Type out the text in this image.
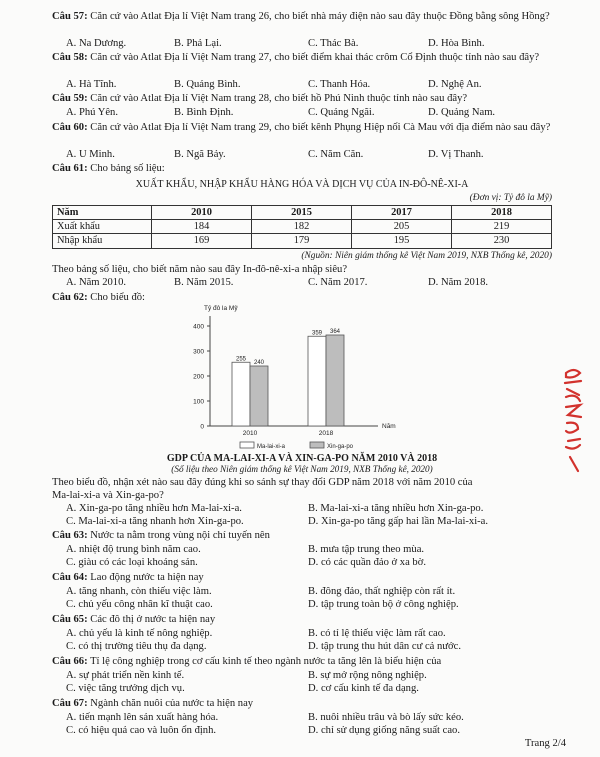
Câu 57: Căn cứ vào Atlat Địa lí Việt Nam trang 26, cho biết nhà máy điện nào sau đây thuộc Đồng bằng sông Hồng?
A. Na Dương.	B. Phả Lại.	C. Thác Bà.	D. Hòa Bình.
Câu 58: Căn cứ vào Atlat Địa lí Việt Nam trang 27, cho biết điểm khai thác crôm Cổ Định thuộc tỉnh nào sau đây?
A. Hà Tĩnh.	B. Quảng Bình.	C. Thanh Hóa.	D. Nghệ An.
Câu 59: Căn cứ vào Atlat Địa lí Việt Nam trang 28, cho biết hồ Phú Ninh thuộc tỉnh nào sau đây?
A. Phú Yên.	B. Bình Định.	C. Quảng Ngãi.	D. Quảng Nam.
Câu 60: Căn cứ vào Atlat Địa lí Việt Nam trang 29, cho biết kênh Phụng Hiệp nối Cà Mau với địa điểm nào sau đây?
A. U Minh.	B. Ngã Bảy.	C. Năm Căn.	D. Vị Thanh.
Câu 61: Cho bảng số liệu:
XUẤT KHẨU, NHẬP KHẨU HÀNG HÓA VÀ DỊCH VỤ CỦA IN-ĐÔ-NÊ-XI-A
(Đơn vị: Tỷ đô la Mỹ)
Năm	2010	2015	2017	2018
Xuất khẩu	184	182	205	219
Nhập khẩu	169	179	195	230
(Nguồn: Niên giám thống kê Việt Nam 2019, NXB Thống kê, 2020)
Theo bảng số liệu, cho biết năm nào sau đây In-đô-nê-xi-a nhập siêu?
A. Năm 2010.	B. Năm 2015.	C. Năm 2017.	D. Năm 2018.
Câu 62: Cho biểu đồ:
Tỷ đô la Mỹ
Năm
0
100
200
300
400
255
240
2010
359 364
2018
Ma-lai-xi-a	Xin-ga-po
GDP CỦA MA-LAI-XI-A VÀ XIN-GA-PO NĂM 2010 VÀ 2018
(Số liệu theo Niên giám thống kê Việt Nam 2019, NXB Thống kê, 2020)
Theo biểu đồ, nhận xét nào sau đây đúng khi so sánh sự thay đổi GDP năm 2018 với năm 2010 của
Ma-lai-xi-a và Xin-ga-po?
A. Xin-ga-po tăng nhiều hơn Ma-lai-xi-a.	B. Ma-lai-xi-a tăng nhiều hơn Xin-ga-po.
C. Ma-lai-xi-a tăng nhanh hơn Xin-ga-po.	D. Xin-ga-po tăng gấp hai lần Ma-lai-xi-a.
Câu 63: Nước ta nằm trong vùng nội chí tuyến nên
A. nhiệt độ trung bình năm cao.	B. mưa tập trung theo mùa.
C. giàu có các loại khoáng sản.	D. có các quần đảo ở xa bờ.
Câu 64: Lao động nước ta hiện nay
A. tăng nhanh, còn thiếu việc làm.	B. đông đảo, thất nghiệp còn rất ít.
C. chủ yếu công nhân kĩ thuật cao.	D. tập trung toàn bộ ở công nghiệp.
Câu 65: Các đô thị ở nước ta hiện nay
A. chủ yếu là kinh tế nông nghiệp.	B. có tỉ lệ thiếu việc làm rất cao.
C. có thị trường tiêu thụ đa dạng.	D. tập trung thu hút dân cư cả nước.
Câu 66: Tỉ lệ công nghiệp trong cơ cấu kinh tế theo ngành nước ta tăng lên là biểu hiện của
A. sự phát triển nền kinh tế.	B. sự mở rộng nông nghiệp.
C. việc tăng trưởng dịch vụ.	D. cơ cấu kinh tế đa dạng.
Câu 67: Ngành chăn nuôi của nước ta hiện nay
A. tiến mạnh lên sản xuất hàng hóa.	B. nuôi nhiều trâu và bò lấy sức kéo.
C. có hiệu quả cao và luôn ổn định.	D. chỉ sử dụng giống năng suất cao.
Trang 2/4
